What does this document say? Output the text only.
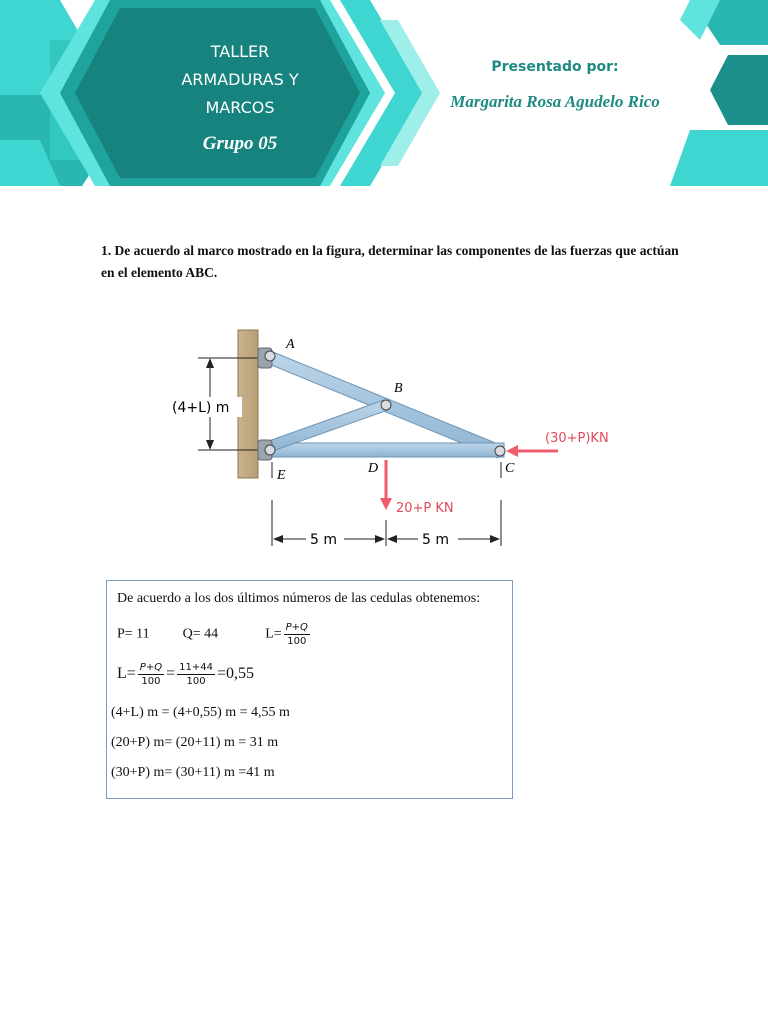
TALLER
ARMADURAS Y
MARCOS
Grupo 05
Presentado por:
Margarita Rosa Agudelo Rico
1. De acuerdo al marco mostrado en la figura, determinar las componentes de las fuerzas que actúan en el elemento ABC.
(4+L) m
A
B
C
D
E
(30+P)KN
20+P KN
5 m	5 m
De acuerdo a los dos últimos números de las cedulas obtenemos:
P= 11 Q= 44	$L= \frac{P+Q}{100}$
$L= \frac{P+Q}{100} = \frac{11+44}{100} =0,55$
(4+L) m = (4+0,55) m = 4,55 m
(20+P) m= (20+11) m = 31 m
(30+P) m= (30+11) m =41 m
